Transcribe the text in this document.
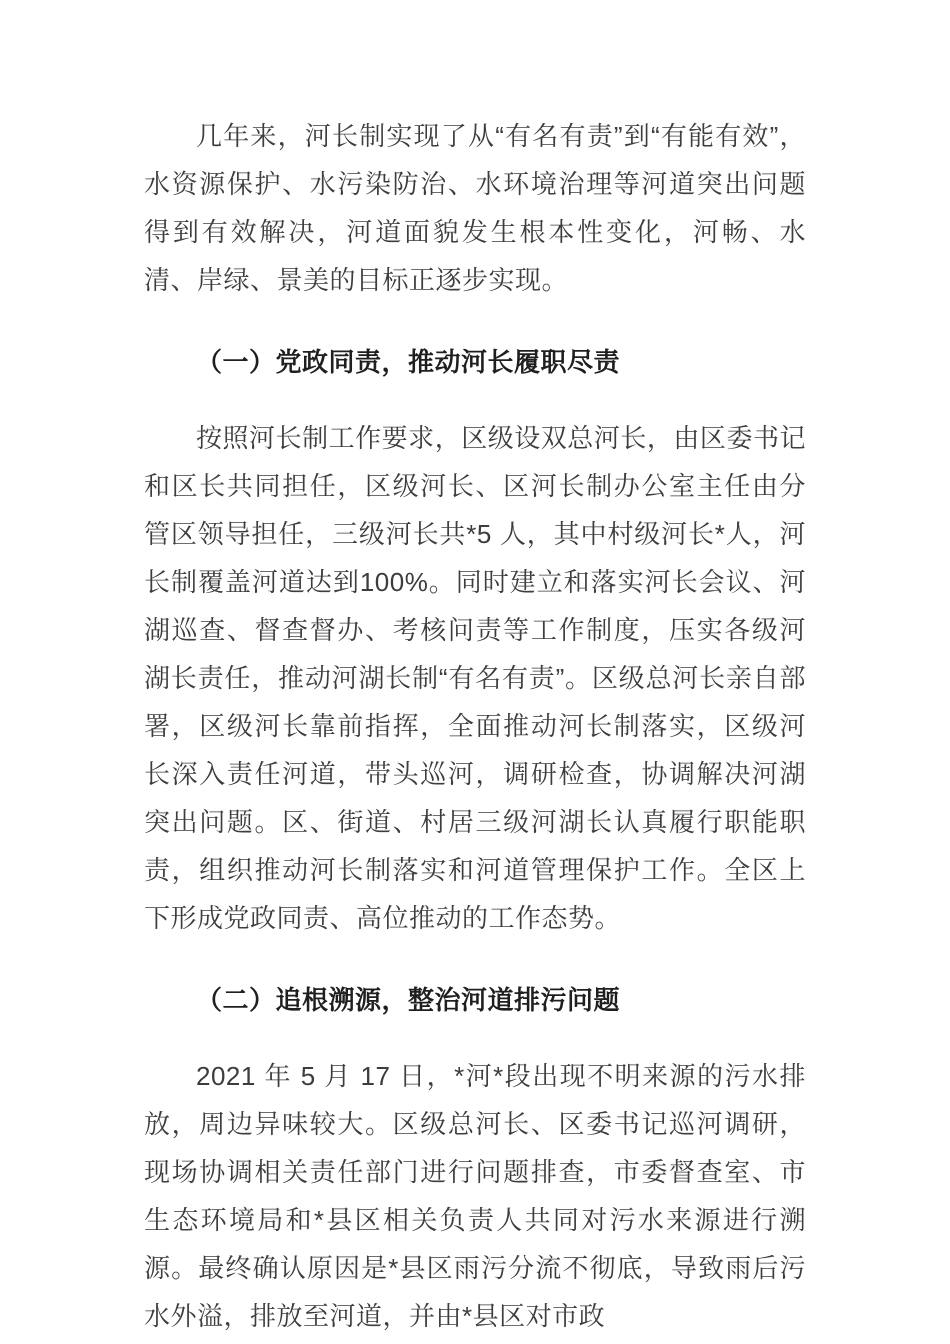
几年来，河长制实现了从“有名有责”到“有能有效”，水资源保护、水污染防治、水环境治理等河道突出问题得到有效解决，河道面貌发生根本性变化，河畅、水清、岸绿、景美的目标正逐步实现。

（一）党政同责，推动河长履职尽责

按照河长制工作要求，区级设双总河长，由区委书记和区长共同担任，区级河长、区河长制办公室主任由分管区领导担任，三级河长共*5 人，其中村级河长*人，河长制覆盖河道达到100%。同时建立和落实河长会议、河湖巡查、督查督办、考核问责等工作制度，压实各级河湖长责任，推动河湖长制“有名有责”。区级总河长亲自部署，区级河长靠前指挥，全面推动河长制落实，区级河长深入责任河道，带头巡河，调研检查，协调解决河湖突出问题。区、街道、村居三级河湖长认真履行职能职责，组织推动河长制落实和河道管理保护工作。全区上下形成党政同责、高位推动的工作态势。

（二）追根溯源，整治河道排污问题

2021 年 5 月 17 日，*河*段出现不明来源的污水排放，周边异味较大。区级总河长、区委书记巡河调研，现场协调相关责任部门进行问题排查，市委督查室、市生态环境局和*县区相关负责人共同对污水来源进行溯源。最终确认原因是*县区雨污分流不彻底，导致雨后污水外溢，排放至河道，并由*县区对市政
